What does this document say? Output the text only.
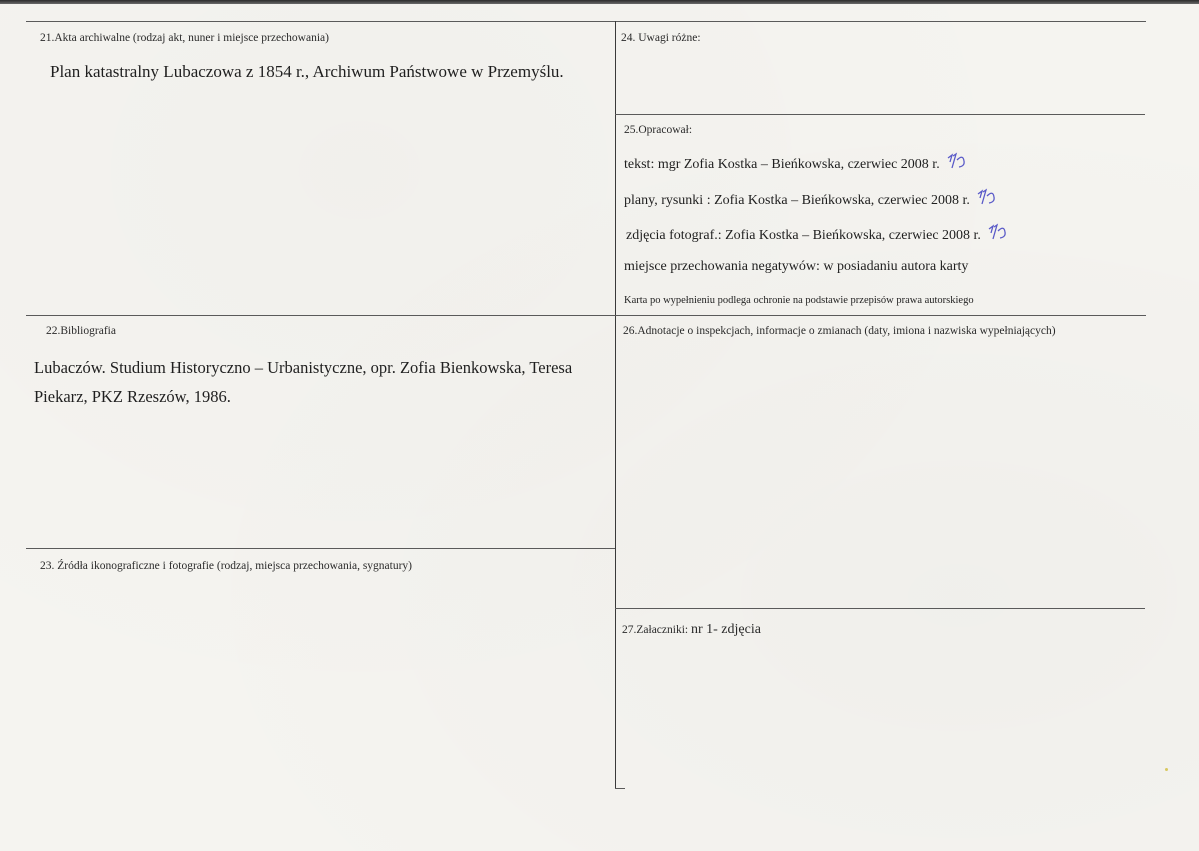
21.Akta archiwalne (rodzaj akt, nuner i miejsce przechowania)
Plan katastralny Lubaczowa z 1854 r., Archiwum Państwowe w Przemyślu.
24. Uwagi różne:
25.Opracował:
tekst: mgr Zofia Kostka – Bieńkowska, czerwiec 2008 r.
plany, rysunki : Zofia Kostka – Bieńkowska, czerwiec 2008 r.
zdjęcia fotograf.: Zofia Kostka – Bieńkowska, czerwiec 2008 r.
miejsce przechowania negatywów: w posiadaniu autora karty
Karta po wypełnieniu podlega ochronie na podstawie przepisów prawa autorskiego
22.Bibliografia
Lubaczów. Studium Historyczno – Urbanistyczne, opr. Zofia Bienkowska, Teresa
Piekarz, PKZ Rzeszów, 1986.
26.Adnotacje o inspekcjach, informacje o zmianach (daty, imiona i nazwiska wypełniających)
23. Źródła ikonograficzne i fotografie (rodzaj, miejsca przechowania, sygnatury)
27.Załaczniki: nr 1- zdjęcia
